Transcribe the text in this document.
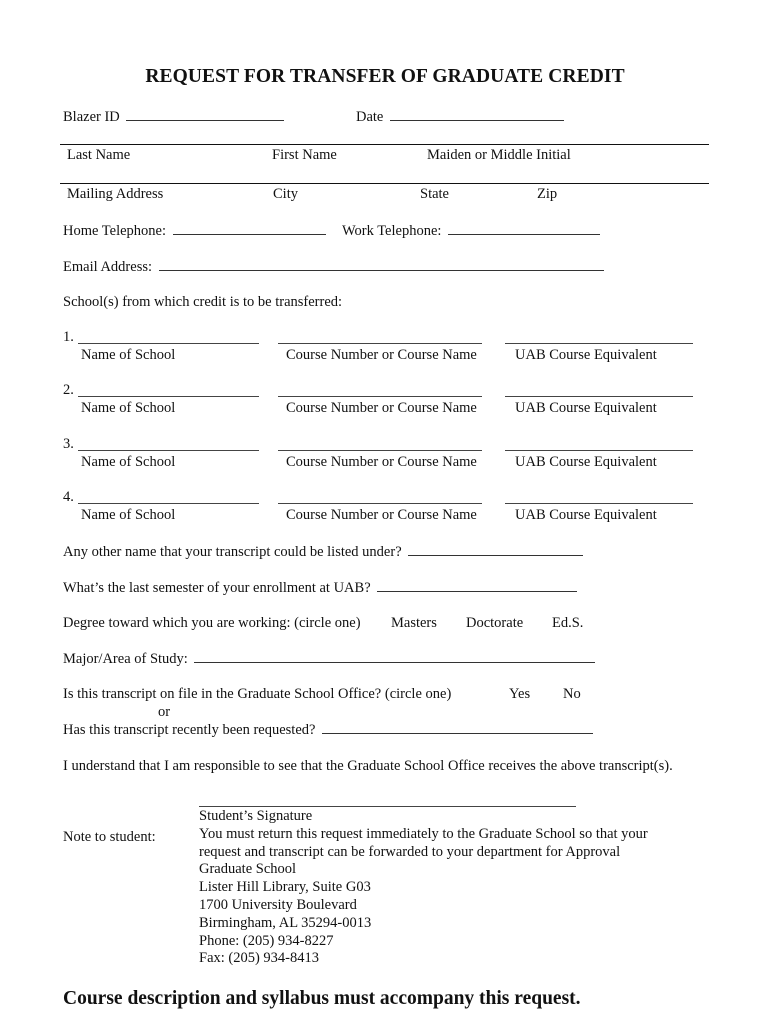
REQUEST FOR TRANSFER OF GRADUATE CREDIT
Blazer ID	Date
Last Name	First Name	Maiden or Middle Initial
Mailing Address	City	State	Zip
Home Telephone:	Work Telephone:
Email Address:
School(s) from which credit is to be transferred:
1.
Name of School	Course Number or Course Name	UAB Course Equivalent
2.
Name of School	Course Number or Course Name	UAB Course Equivalent
3.
Name of School	Course Number or Course Name	UAB Course Equivalent
4.
Name of School	Course Number or Course Name	UAB Course Equivalent
Any other name that your transcript could be listed under?
What’s the last semester of your enrollment at UAB?
Degree toward which you are working: (circle one) Masters Doctorate Ed.S.
Major/Area of Study:
Is this transcript on file in the Graduate School Office? (circle one)	Yes No
or
Has this transcript recently been requested?
I understand that I am responsible to see that the Graduate School Office receives the above transcript(s).
Note to student:
Student’s Signature
You must return this request immediately to the Graduate School so that your
request and transcript can be forwarded to your department for Approval
Graduate School
Lister Hill Library, Suite G03
1700 University Boulevard
Birmingham, AL 35294-0013
Phone: (205) 934-8227
Fax: (205) 934-8413
Course description and syllabus must accompany this request.
